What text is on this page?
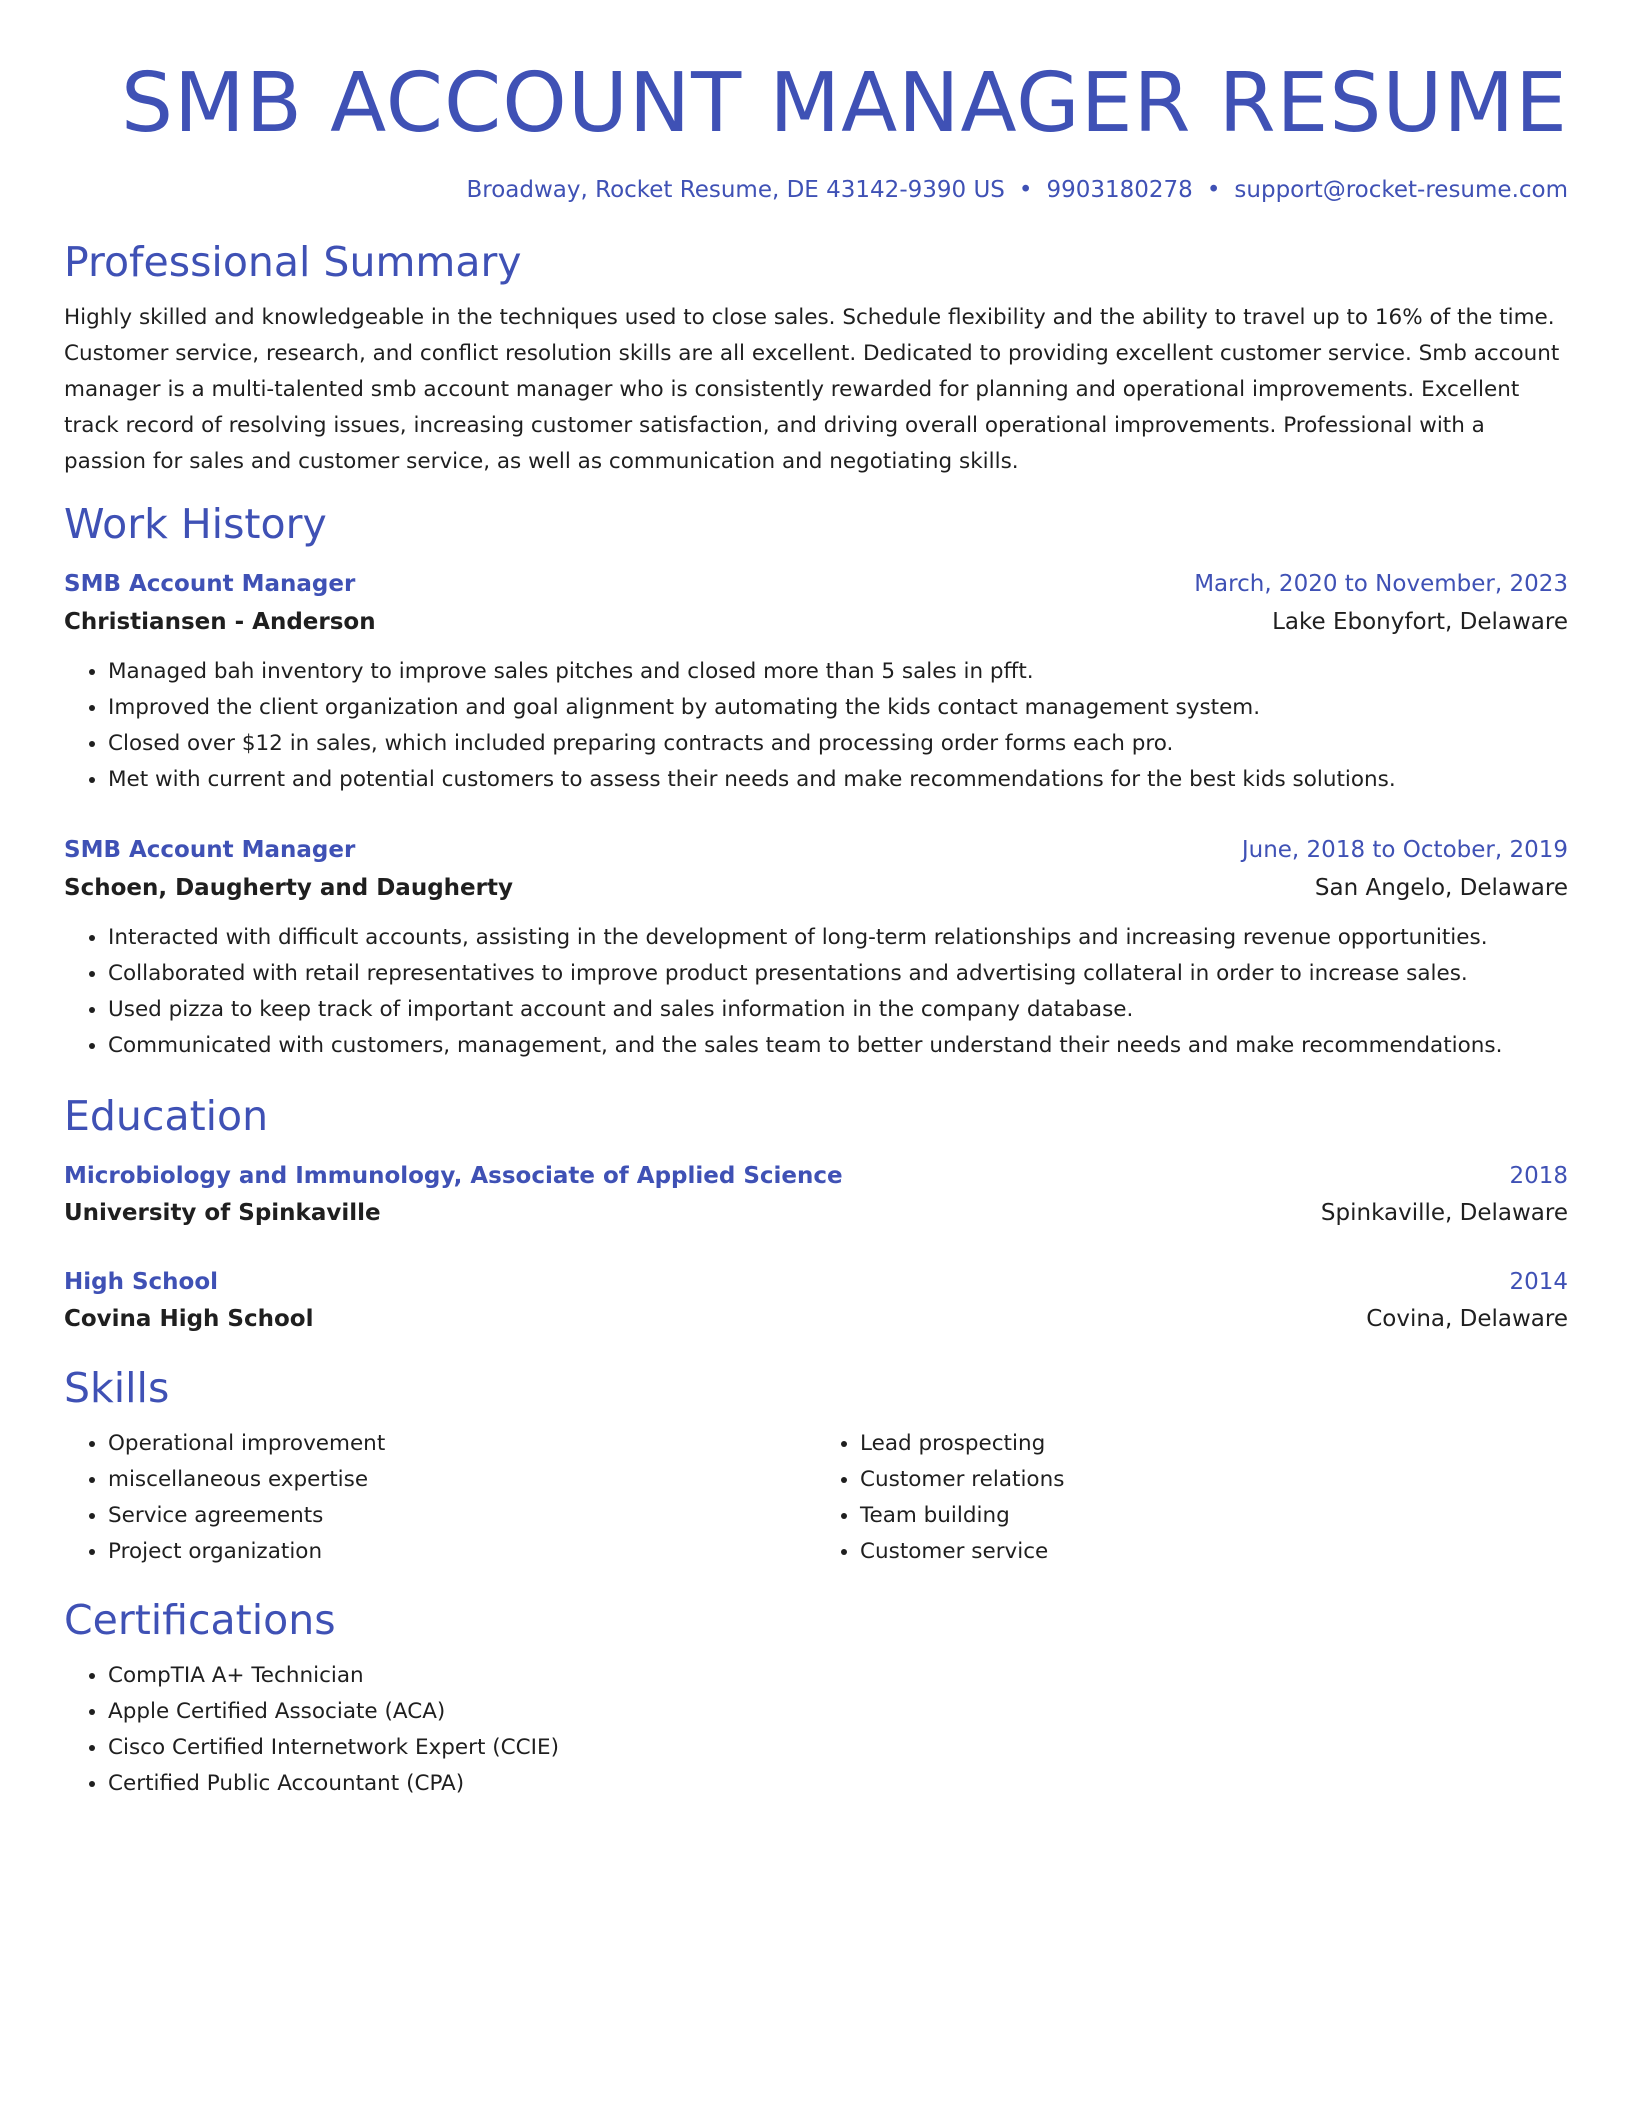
SMB ACCOUNT MANAGER RESUME
Broadway, Rocket Resume, DE 43142-9390 US • 9903180278 • support@rocket-resume.com
Professional Summary
Highly skilled and knowledgeable in the techniques used to close sales. Schedule flexibility and the ability to travel up to 16% of the time. Customer service, research, and conflict resolution skills are all excellent. Dedicated to providing excellent customer service. Smb account manager is a multi-talented smb account manager who is consistently rewarded for planning and operational improvements. Excellent track record of resolving issues, increasing customer satisfaction, and driving overall operational improvements. Professional with a passion for sales and customer service, as well as communication and negotiating skills.
Work History
SMB Account Manager	March, 2020 to November, 2023
Christiansen - Anderson	Lake Ebonyfort, Delaware
• Managed bah inventory to improve sales pitches and closed more than 5 sales in pfft.
• Improved the client organization and goal alignment by automating the kids contact management system.
• Closed over $12 in sales, which included preparing contracts and processing order forms each pro.
• Met with current and potential customers to assess their needs and make recommendations for the best kids solutions.
SMB Account Manager	June, 2018 to October, 2019
Schoen, Daugherty and Daugherty	San Angelo, Delaware
• Interacted with difficult accounts, assisting in the development of long-term relationships and increasing revenue opportunities.
• Collaborated with retail representatives to improve product presentations and advertising collateral in order to increase sales.
• Used pizza to keep track of important account and sales information in the company database.
• Communicated with customers, management, and the sales team to better understand their needs and make recommendations.
Education
Microbiology and Immunology, Associate of Applied Science	2018
University of Spinkaville	Spinkaville, Delaware
High School	2014
Covina High School	Covina, Delaware
Skills
• Operational improvement
• miscellaneous expertise
• Service agreements
• Project organization
• Lead prospecting
• Customer relations
• Team building
• Customer service
Certifications
• CompTIA A+ Technician
• Apple Certified Associate (ACA)
• Cisco Certified Internetwork Expert (CCIE)
• Certified Public Accountant (CPA)
